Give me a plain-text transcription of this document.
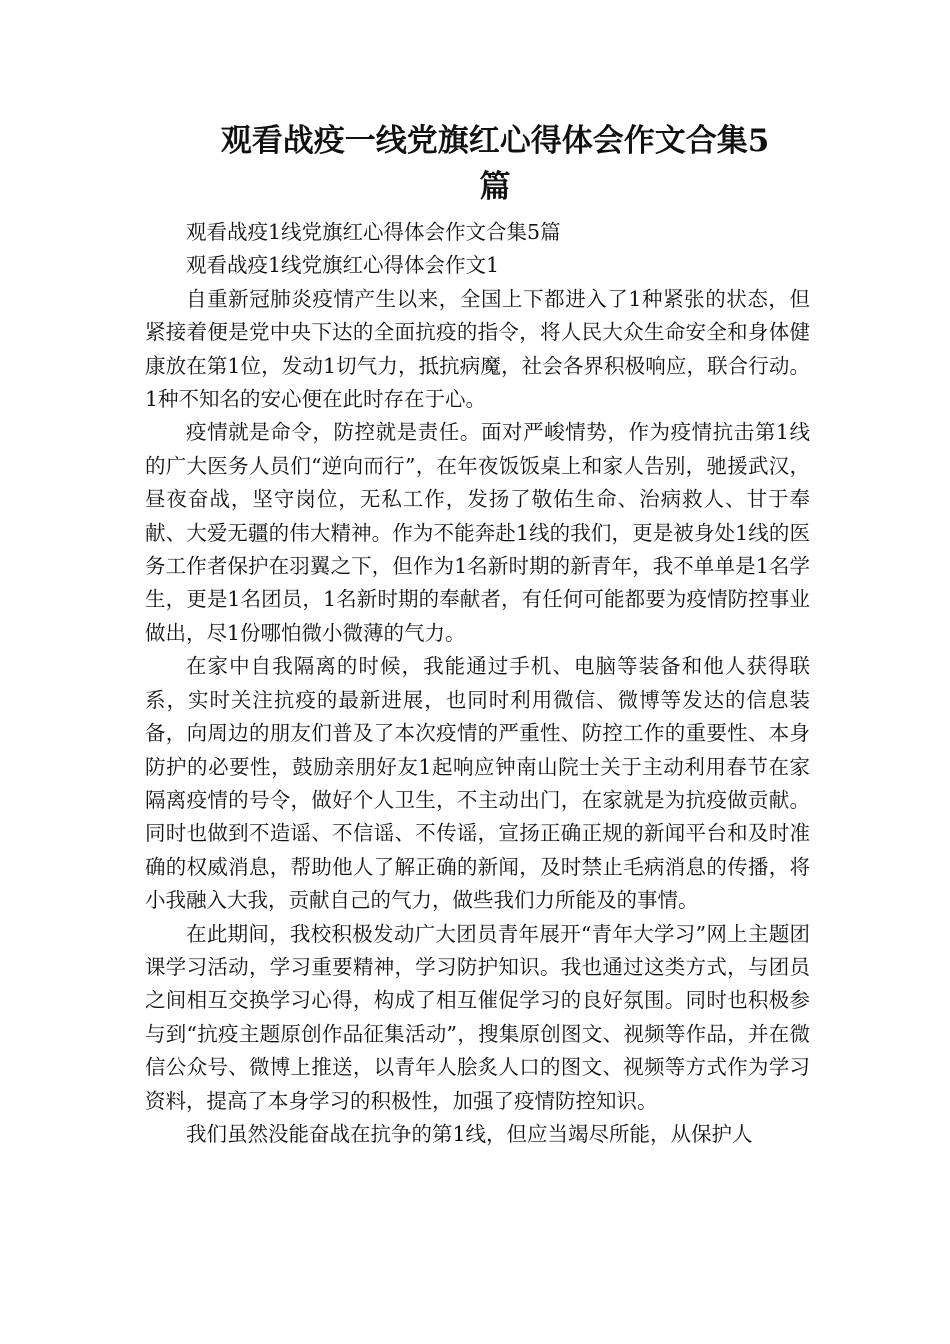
观看战疫一线党旗红心得体会作文合集5
篇

观看战疫1线党旗红心得体会作文合集5篇

观看战疫1线党旗红心得体会作文1

自重新冠肺炎疫情产生以来，全国上下都进入了1种紧张的状态，但紧接着便是党中央下达的全面抗疫的指令，将人民大众生命安全和身体健康放在第1位，发动1切气力，抵抗病魔，社会各界积极响应，联合行动。1种不知名的安心便在此时存在于心。

疫情就是命令，防控就是责任。面对严峻情势，作为疫情抗击第1线的广大医务人员们“逆向而行”，在年夜饭饭桌上和家人告别，驰援武汉，昼夜奋战，坚守岗位，无私工作，发扬了敬佑生命、治病救人、甘于奉献、大爱无疆的伟大精神。作为不能奔赴1线的我们，更是被身处1线的医务工作者保护在羽翼之下，但作为1名新时期的新青年，我不单单是1名学生，更是1名团员，1名新时期的奉献者，有任何可能都要为疫情防控事业做出，尽1份哪怕微小微薄的气力。

在家中自我隔离的时候，我能通过手机、电脑等装备和他人获得联系，实时关注抗疫的最新进展，也同时利用微信、微博等发达的信息装备，向周边的朋友们普及了本次疫情的严重性、防控工作的重要性、本身防护的必要性，鼓励亲朋好友1起响应钟南山院士关于主动利用春节在家隔离疫情的号令，做好个人卫生，不主动出门，在家就是为抗疫做贡献。同时也做到不造谣、不信谣、不传谣，宣扬正确正规的新闻平台和及时准确的权威消息，帮助他人了解正确的新闻，及时禁止毛病消息的传播，将小我融入大我，贡献自己的气力，做些我们力所能及的事情。

在此期间，我校积极发动广大团员青年展开“青年大学习”网上主题团课学习活动，学习重要精神，学习防护知识。我也通过这类方式，与团员之间相互交换学习心得，构成了相互催促学习的良好氛围。同时也积极参与到“抗疫主题原创作品征集活动”，搜集原创图文、视频等作品，并在微信公众号、微博上推送，以青年人脍炙人口的图文、视频等方式作为学习资料，提高了本身学习的积极性，加强了疫情防控知识。

我们虽然没能奋战在抗争的第1线，但应当竭尽所能，从保护人
